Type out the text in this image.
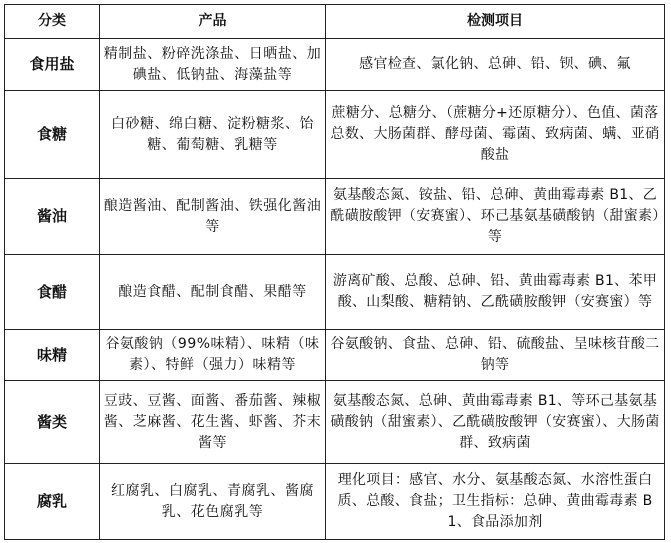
分类	产品	检测项目
食用盐	精制盐、粉碎洗涤盐、日晒盐、加碘盐、低钠盐、海藻盐等	感官检查、氯化钠、总砷、铅、钡、碘、氟
食糖	白砂糖、绵白糖、淀粉糖浆、饴糖、葡萄糖、乳糖等	蔗糖分、总糖分、（蔗糖分+还原糖分）、色值、菌落总数、大肠菌群、酵母菌、霉菌、致病菌、螨、亚硝酸盐
酱油	酿造酱油、配制酱油、铁强化酱油等	氨基酸态氮、铵盐、铅、总砷、黄曲霉毒素 B1、乙酰磺胺酸钾（安赛蜜）、环己基氨基磺酸钠（甜蜜素）等
食醋	酿造食醋、配制食醋、果醋等	游离矿酸、总酸、总砷、铅、黄曲霉毒素 B1、苯甲酸、山梨酸、糖精钠、乙酰磺胺酸钾（安赛蜜）等
味精	谷氨酸钠（99%味精）、味精（味素）、特鲜（强力）味精等	谷氨酸钠、食盐、总砷、铅、硫酸盐、呈味核苷酸二钠等
酱类	豆豉、豆酱、面酱、番茄酱、辣椒酱、芝麻酱、花生酱、虾酱、芥末酱等	氨基酸态氮、总砷、黄曲霉毒素 B1、等环己基氨基磺酸钠（甜蜜素）、乙酰磺胺酸钾（安赛蜜）、大肠菌群、致病菌
腐乳	红腐乳、白腐乳、青腐乳、酱腐乳、花色腐乳等	理化项目：感官、水分、氨基酸态氮、水溶性蛋白质、总酸、食盐；卫生指标：总砷、黄曲霉毒素 B1、食品添加剂
